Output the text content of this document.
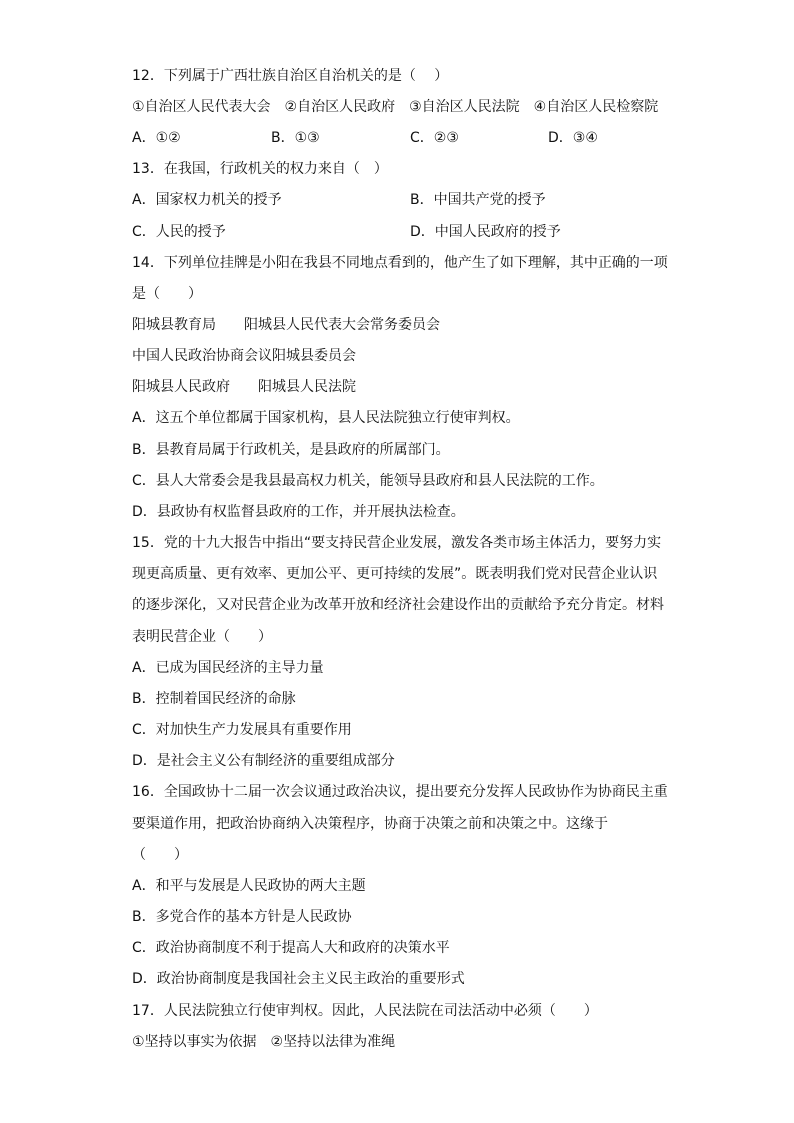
12．下列属于广西壮族自治区自治机关的是（　 ）
①自治区人民代表大会　②自治区人民政府　③自治区人民法院　④自治区人民检察院
A．①②	B．①③	C．②③	D．③④
13．在我国，行政机关的权力来自（　）
A．国家权力机关的授予	B．中国共产党的授予
C．人民的授予	D．中国人民政府的授予
14．下列单位挂牌是小阳在我县不同地点看到的，他产生了如下理解，其中正确的一项
是（　　）
阳城县教育局　　阳城县人民代表大会常务委员会
中国人民政治协商会议阳城县委员会
阳城县人民政府　　阳城县人民法院
A．这五个单位都属于国家机构，县人民法院独立行使审判权。
B．县教育局属于行政机关，是县政府的所属部门。
C．县人大常委会是我县最高权力机关，能领导县政府和县人民法院的工作。
D．县政协有权监督县政府的工作，并开展执法检查。
15．党的十九大报告中指出“要支持民营企业发展，激发各类市场主体活力，要努力实
现更高质量、更有效率、更加公平、更可持续的发展”。既表明我们党对民营企业认识
的逐步深化，又对民营企业为改革开放和经济社会建设作出的贡献给予充分肯定。材料
表明民营企业（　　）
A．已成为国民经济的主导力量
B．控制着国民经济的命脉
C．对加快生产力发展具有重要作用
D．是社会主义公有制经济的重要组成部分
16．全国政协十二届一次会议通过政治决议，提出要充分发挥人民政协作为协商民主重
要渠道作用，把政治协商纳入决策程序，协商于决策之前和决策之中。这缘于
（　　）
A．和平与发展是人民政协的两大主题
B．多党合作的基本方针是人民政协
C．政治协商制度不利于提高人大和政府的决策水平
D．政治协商制度是我国社会主义民主政治的重要形式
17．人民法院独立行使审判权。因此，人民法院在司法活动中必须（　　）
①坚持以事实为依据　②坚持以法律为准绳
